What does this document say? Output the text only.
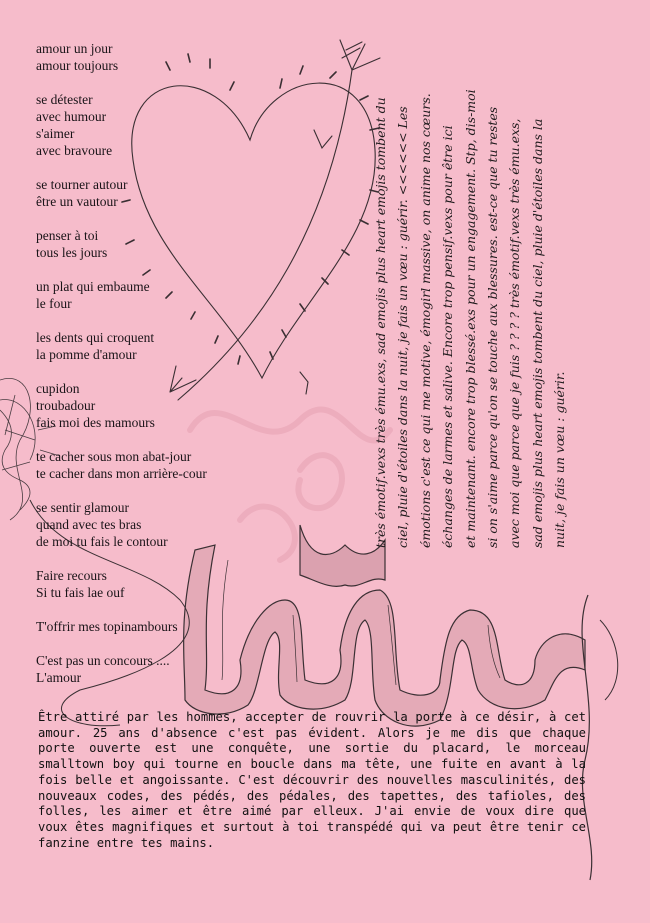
amour un jour
amour toujours
se détester
avec humour
s'aimer
avec bravoure
se tourner autour
être un vautour
penser à toi
tous les jours
un plat qui embaume
le four
les dents qui croquent
la pomme d'amour
cupidon
troubadour
fais moi des mamours
te cacher sous mon abat-jour
te cacher dans mon arrière-cour
se sentir glamour
quand avec tes bras
de moi tu fais le contour
Faire recours
Si tu fais lae ouf
T'offrir mes topinambours
C'est pas un concours ....
L'amour

très émotif.vexs très ému.exs, sad emojis plus heart emojis tombent du ciel, pluie d'étoiles dans la nuit, je fais un vœu : guérir. <<<<<< Les émotions c'est ce qui me motive, émogirl massive, on anime nos cœurs. échanges de larmes et salive. Encore trop pensif.vexs pour être ici et maintenant. encore trop blessé.exs pour un engagement. Stp, dis-moi si on s'aime parce qu'on se touche aux blessures. est-ce que tu restes avec moi que parce que je fuis ? ? ? ? très émotif.vexs très ému.exs, sad emojis plus heart emojis tombent du ciel, pluie d'étoiles dans la nuit, je fais un vœu : guérir.

Être attiré par les hommes, accepter de rouvrir la porte à ce désir, à cet amour. 25 ans d'absence c'est pas évident. Alors je me dis que chaque porte ouverte est une conquête, une sortie du placard, le morceau smalltown boy qui tourne en boucle dans ma tête, une fuite en avant à la fois belle et angoissante. C'est découvrir des nouvelles masculinités, des nouveaux codes, des pédés, des pédales, des tapettes, des tafioles, des folles, les aimer et être aimé par elleux. J'ai envie de voux dire que voux êtes magnifiques et surtout à toi transpédé qui va peut être tenir ce fanzine entre tes mains.
